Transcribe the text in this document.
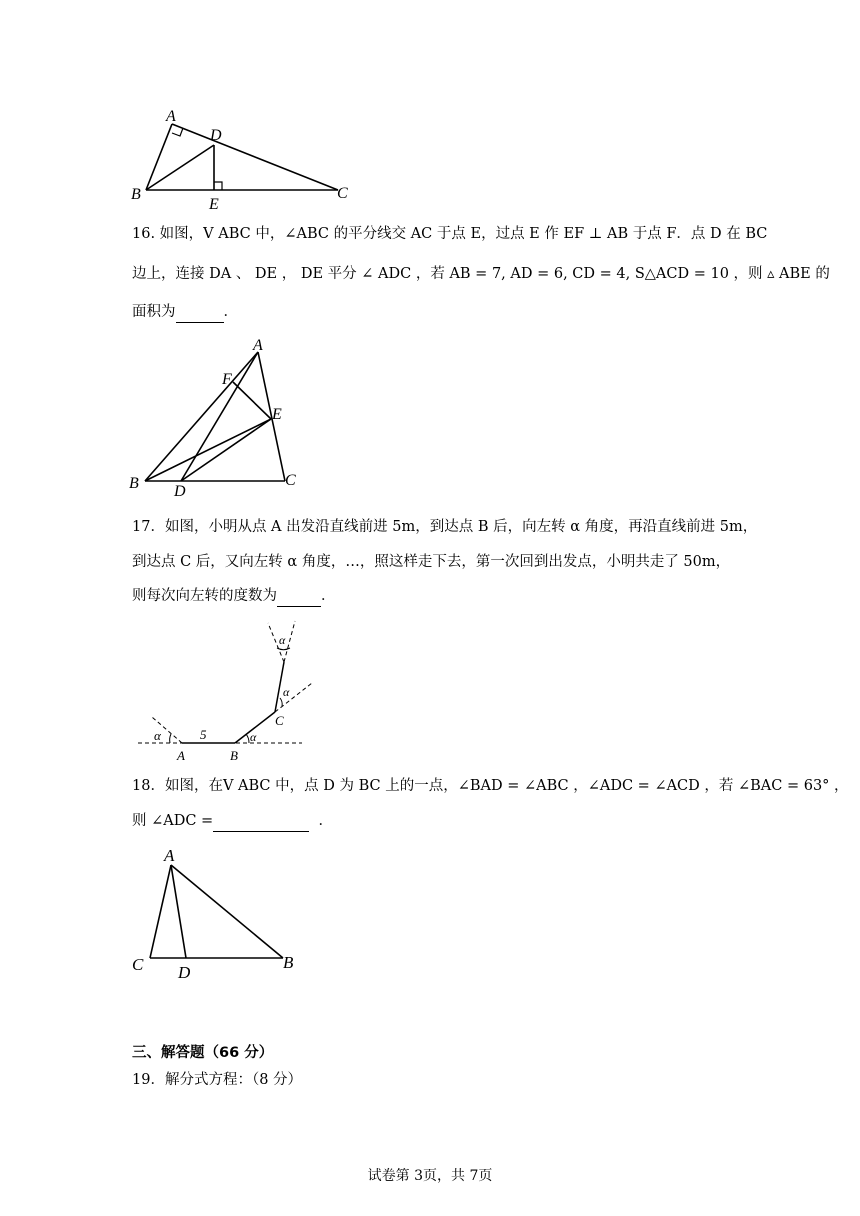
A
D
B	C
E
16. 如图，V ABC 中，∠ABC 的平分线交 AC 于点 E，过点 E 作 EF ⊥ AB 于点 F．点 D 在 BC
边上，连接 DA 、 DE ， DE 平分 ∠ ADC ，若 AB = 7, AD = 6, CD = 4, S△ACD = 10 ，则 ▵ ABE 的
面积为	．
A
F
E
B D
C
17．如图，小明从点 A 出发沿直线前进 5m，到达点 B 后，向左转 α 角度，再沿直线前进 5m，
到达点 C 后，又向左转 α 角度，…，照这样走下去，第一次回到出发点，小明共走了 50m，
则每次向左转的度数为	．
α
A
5
B
α
C
α
α
18．如图，在V ABC 中，点 D 为 BC 上的一点，∠BAD = ∠ABC ，∠ADC = ∠ACD ，若 ∠BAC = 63° ，
则 ∠ADC =	．
A
C D
B
三、解答题（66 分）
19．解分式方程：（8 分）
试卷第 3页，共 7页
